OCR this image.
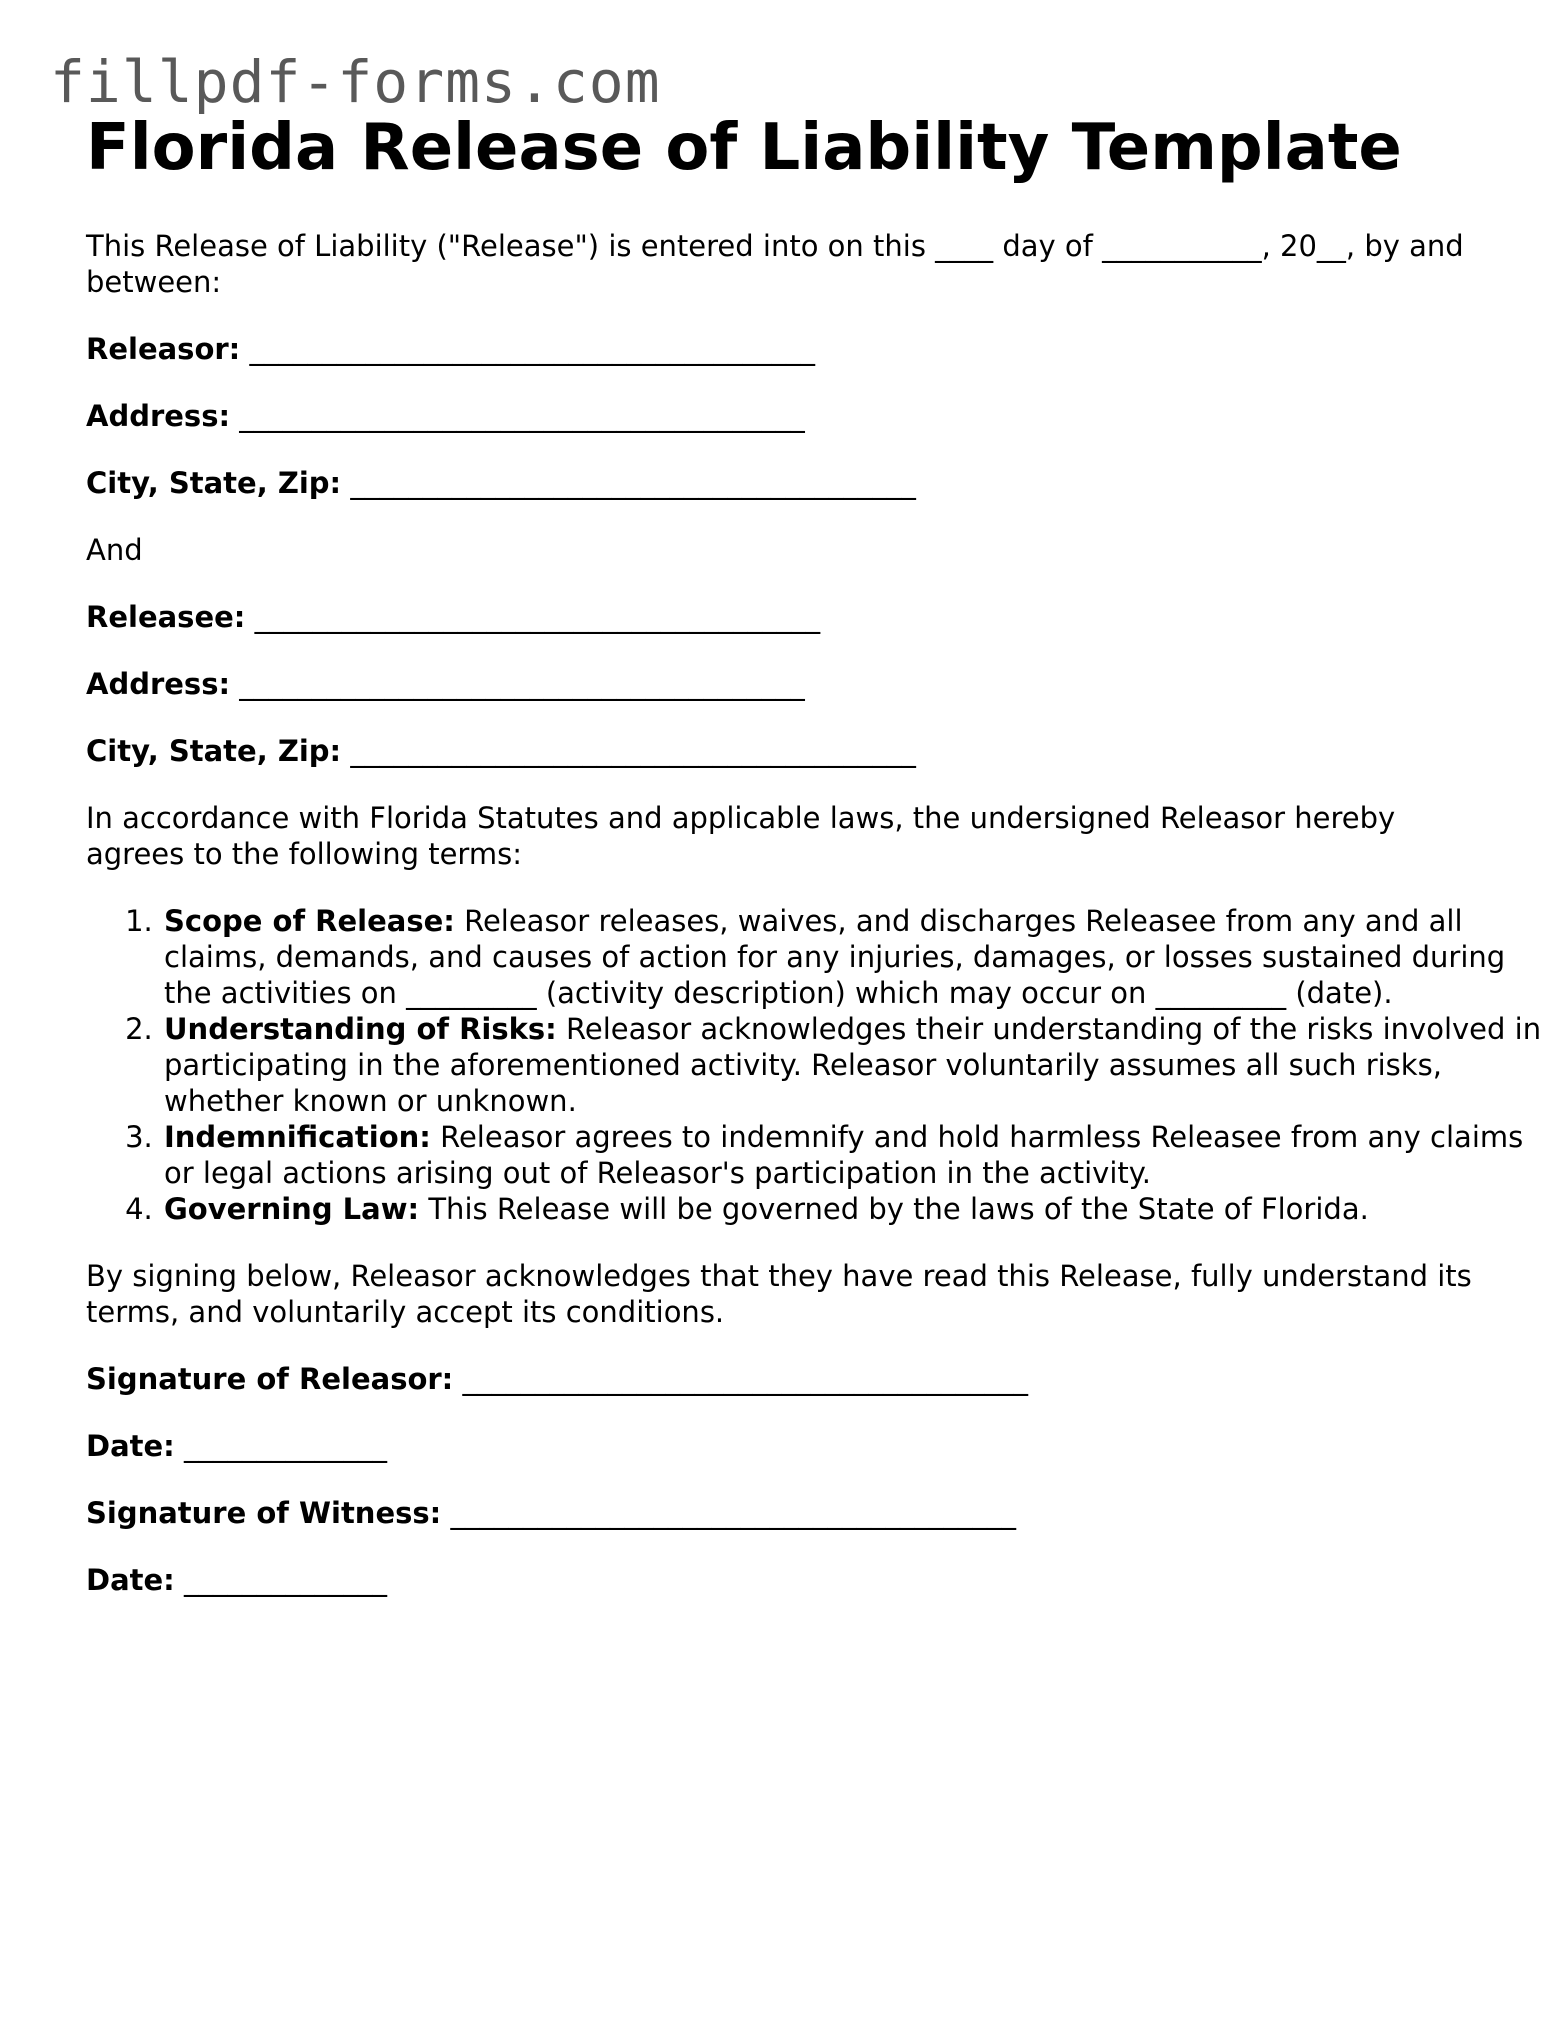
fillpdf-forms.com
Florida Release of Liability Template

This Release of Liability ("Release") is entered into on this ____ day of ___________, 20__, by and between:

Releasor: _______________________________________

Address: _______________________________________

City, State, Zip: _______________________________________

And

Releasee: _______________________________________

Address: _______________________________________

City, State, Zip: _______________________________________

In accordance with Florida Statutes and applicable laws, the undersigned Releasor hereby agrees to the following terms:

1. Scope of Release: Releasor releases, waives, and discharges Releasee from any and all claims, demands, and causes of action for any injuries, damages, or losses sustained during the activities on _________ (activity description) which may occur on _________ (date).
2. Understanding of Risks: Releasor acknowledges their understanding of the risks involved in participating in the aforementioned activity. Releasor voluntarily assumes all such risks, whether known or unknown.
3. Indemnification: Releasor agrees to indemnify and hold harmless Releasee from any claims or legal actions arising out of Releasor's participation in the activity.
4. Governing Law: This Release will be governed by the laws of the State of Florida.

By signing below, Releasor acknowledges that they have read this Release, fully understand its terms, and voluntarily accept its conditions.

Signature of Releasor: _______________________________________

Date: ______________

Signature of Witness: _______________________________________

Date: ______________
